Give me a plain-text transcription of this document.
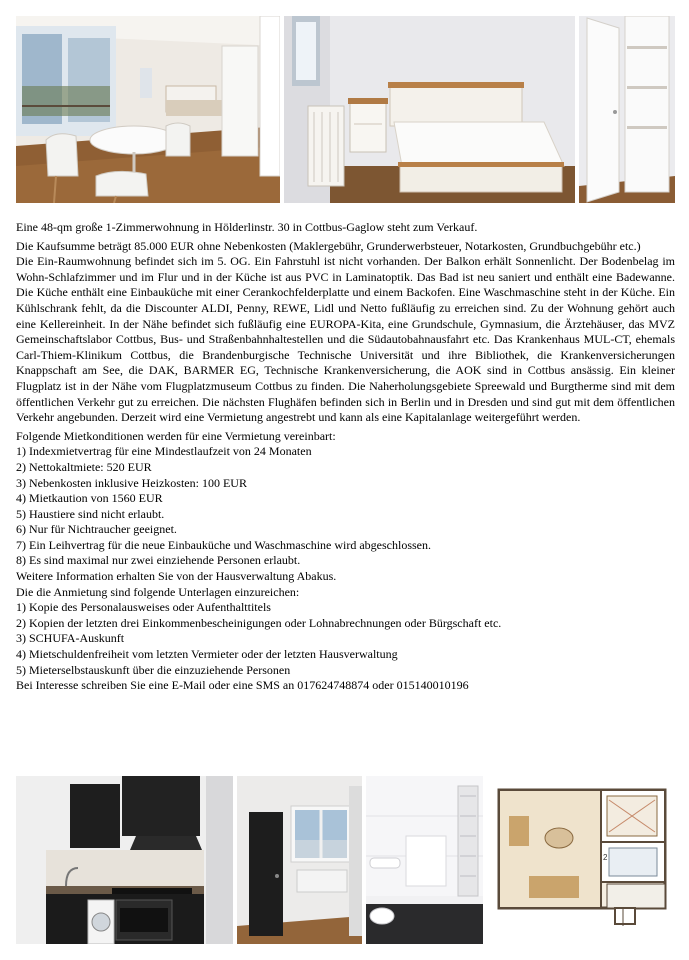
Eine 48-qm große 1-Zimmerwohnung in Hölderlinstr. 30 in Cottbus-Gaglow steht zum Verkauf.

Die Kaufsumme beträgt 85.000 EUR ohne Nebenkosten (Maklergebühr, Grunderwerbsteuer, Notarkosten, Grundbuchgebühr etc.)

Die Ein-Raumwohnung befindet sich im 5. OG. Ein Fahrstuhl ist nicht vorhanden. Der Balkon erhält Sonnenlicht. Der Bodenbelag im Wohn-Schlafzimmer und im Flur und in der Küche ist aus PVC in Laminatoptik. Das Bad ist neu saniert und enthält eine Badewanne. Die Küche enthält eine Einbauküche mit einer Cerankochfelderplatte und einem Backofen. Eine Waschmaschine steht in der Küche. Ein Kühlschrank fehlt, da die Discounter ALDI, Penny, REWE, Lidl und Netto fußläufig zu erreichen sind. Zu der Wohnung gehört auch eine Kellereinheit. In der Nähe befindet sich fußläufig eine EUROPA-Kita, eine Grundschule, Gymnasium, die Ärztehäuser, das MVZ Gemeinschaftslabor Cottbus, Bus- und Straßenbahnhaltestellen und die Südautobahnausfahrt etc. Das Krankenhaus MUL-CT, ehemals Carl-Thiem-Klinikum Cottbus, die Brandenburgische Technische Universität und ihre Bibliothek, die Krankenversicherungen Knappschaft am See, die DAK, BARMER EG, Technische Krankenversicherung, die AOK sind in Cottbus ansässig. Ein kleiner Flugplatz ist in der Nähe vom Flugplatzmuseum Cottbus zu finden. Die Naherholungsgebiete Spreewald und Burgtherme sind mit dem öffentlichen Verkehr gut zu erreichen. Die nächsten Flughäfen befinden sich in Berlin und in Dresden und sind gut mit dem öffentlichen Verkehr angebunden. Derzeit wird eine Vermietung angestrebt und kann als eine Kapitalanlage weitergeführt werden.

Folgende Mietkonditionen werden für eine Vermietung vereinbart:

1) Indexmietvertrag für eine Mindestlaufzeit von 24 Monaten

2) Nettokaltmiete: 520 EUR

3) Nebenkosten inklusive Heizkosten: 100 EUR

4) Mietkaution von 1560 EUR

5) Haustiere sind nicht erlaubt.

6) Nur für Nichtraucher geeignet.

7) Ein Leihvertrag für die neue Einbauküche und Waschmaschine wird abgeschlossen.

8) Es sind maximal nur zwei einziehende Personen erlaubt.

Weitere Information erhalten Sie von der Hausverwaltung Abakus.

Die die Anmietung sind folgende Unterlagen einzureichen:

1) Kopie des Personalausweises oder Aufenthalttitels

2) Kopien der letzten drei Einkommenbescheinigungen oder Lohnabrechnungen oder Bürgschaft etc.

3) SCHUFA-Auskunft

4) Mietschuldenfreiheit vom letzten Vermieter oder der letzten Hausverwaltung

5) Mieterselbstauskunft über die einzuziehende Personen

Bei Interesse schreiben Sie eine E-Mail oder eine SMS an 017624748874 oder 015140010196

2
